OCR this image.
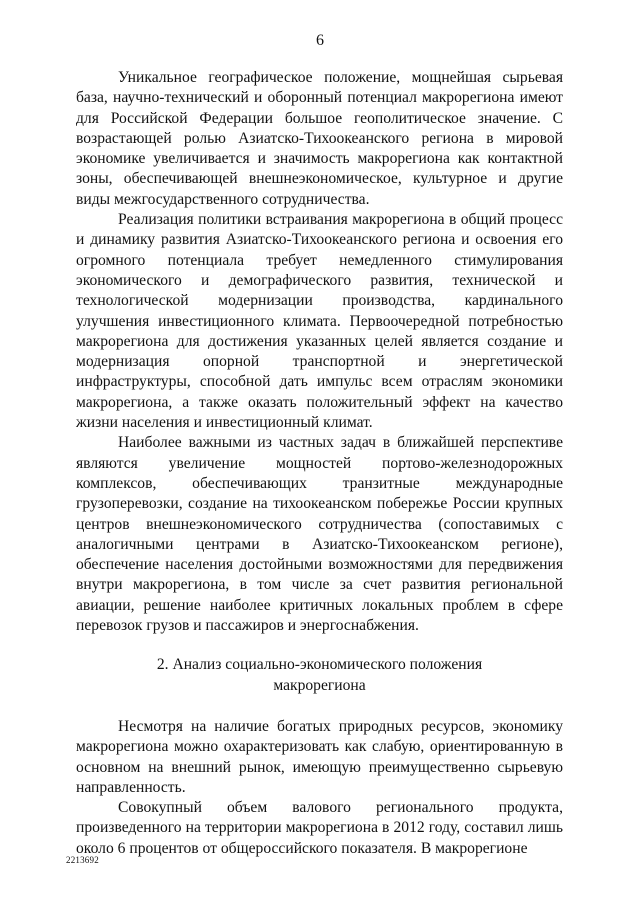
6

Уникальное географическое положение, мощнейшая сырьевая база, научно-технический и оборонный потенциал макрорегиона имеют для Российской Федерации большое геополитическое значение. С возрастающей ролью Азиатско-Тихоокеанского региона в мировой экономике увеличивается и значимость макрорегиона как контактной зоны, обеспечивающей внешнеэкономическое, культурное и другие виды межгосударственного сотрудничества.

Реализация политики встраивания макрорегиона в общий процесс и динамику развития Азиатско-Тихоокеанского региона и освоения его огромного потенциала требует немедленного стимулирования экономического и демографического развития, технической и технологической модернизации производства, кардинального улучшения инвестиционного климата. Первоочередной потребностью макрорегиона для достижения указанных целей является создание и модернизация опорной транспортной и энергетической инфраструктуры, способной дать импульс всем отраслям экономики макрорегиона, а также оказать положительный эффект на качество жизни населения и инвестиционный климат.

Наиболее важными из частных задач в ближайшей перспективе являются увеличение мощностей портово-железнодорожных комплексов, обеспечивающих транзитные международные грузоперевозки, создание на тихоокеанском побережье России крупных центров внешнеэкономического сотрудничества (сопоставимых с аналогичными центрами в Азиатско-Тихоокеанском регионе), обеспечение населения достойными возможностями для передвижения внутри макрорегиона, в том числе за счет развития региональной авиации, решение наиболее критичных локальных проблем в сфере перевозок грузов и пассажиров и энергоснабжения.

2. Анализ социально-экономического положения
макрорегиона

Несмотря на наличие богатых природных ресурсов, экономику макрорегиона можно охарактеризовать как слабую, ориентированную в основном на внешний рынок, имеющую преимущественно сырьевую направленность.

Совокупный объем валового регионального продукта, произведенного на территории макрорегиона в 2012 году, составил лишь около 6 процентов от общероссийского показателя. В макрорегионе

2213692
